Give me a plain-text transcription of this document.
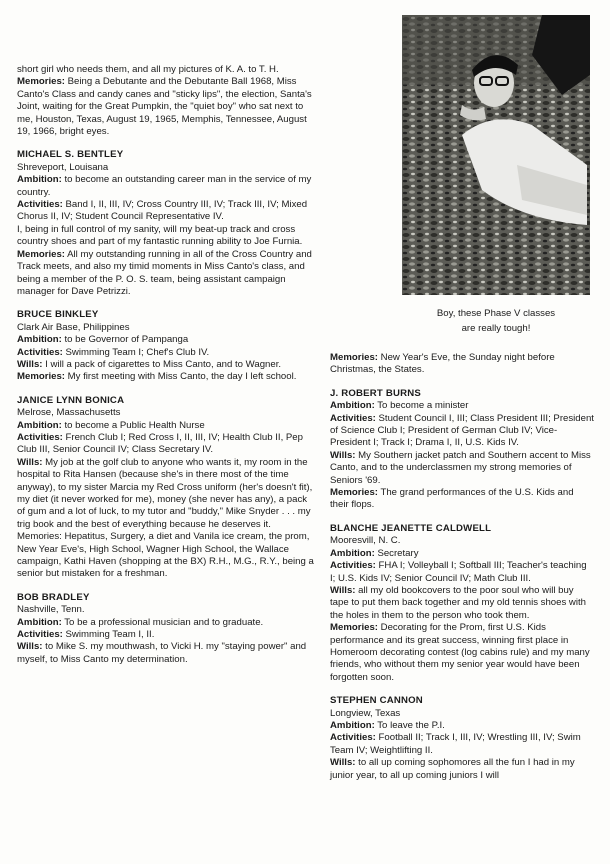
Boy, these Phase V classes
are really tough!
short girl who needs them, and all my pictures of K. A. to T. H.
Memories: Being a Debutante and the Debutante Ball 1968, Miss Canto's Class and candy canes and "sticky lips", the election, Santa's Joint, waiting for the Great Pumpkin, the "quiet boy" who sat next to me, Houston, Texas, August 19, 1965, Memphis, Tennessee, August 19, 1966, bright eyes.
MICHAEL S. BENTLEY
Shreveport, Louisana
Ambition: to become an outstanding career man in the service of my country.
Activities: Band I, II, III, IV; Cross Country III, IV; Track III, IV; Mixed Chorus II, IV; Student Council Representative IV.
I, being in full control of my sanity, will my beat-up track and cross country shoes and part of my fantastic running ability to Joe Furnia.
Memories: All my outstanding running in all of the Cross Country and Track meets, and also my timid moments in Miss Canto's class, and being a member of the P. O. S. team, being assistant campaign manager for Dave Petrizzi.
BRUCE BINKLEY
Clark Air Base, Philippines
Ambition: to be Governor of Pampanga
Activities: Swimming Team I; Chef's Club IV.
Wills: I will a pack of cigarettes to Miss Canto, and to Wagner.
Memories: My first meeting with Miss Canto, the day I left school.
JANICE LYNN BONICA
Melrose, Massachusetts
Ambition: to become a Public Health Nurse
Activities: French Club I; Red Cross I, II, III, IV; Health Club II, Pep Club III, Senior Council IV; Class Secretary IV.
Wills: My job at the golf club to anyone who wants it, my room in the hospital to Rita Hansen (because she's in there most of the time anyway), to my sister Marcia my Red Cross uniform (her's doesn't fit), my diet (it never worked for me), money (she never has any), a pack of gum and a lot of luck, to my tutor and "buddy," Mike Snyder . . . my trig book and the best of everything because he deserves it.
Memories: Hepatitus, Surgery, a diet and Vanila ice cream, the prom, New Year Eve's, High School, Wagner High School, the Wallace campaign, Kathi Haven (shopping at the BX) R.H., M.G., R.Y., being a senior but mistaken for a freshman.
BOB BRADLEY
Nashville, Tenn.
Ambition: To be a professional musician and to graduate.
Activities: Swimming Team I, II.
Wills: to Mike S. my mouthwash, to Vicki H. my "staying power" and myself, to Miss Canto my determination.
Memories: New Year's Eve, the Sunday night before Christmas, the States.
J. ROBERT BURNS
Ambition: To become a minister
Activities: Student Council I, III; Class President III; President of Science Club I; President of German Club IV; Vice-President I; Track I; Drama I, II, U.S. Kids IV.
Wills: My Southern jacket patch and Southern accent to Miss Canto, and to the underclassmen my strong memories of Seniors '69.
Memories: The grand performances of the U.S. Kids and their flops.
BLANCHE JEANETTE CALDWELL
Mooresvill, N. C.
Ambition: Secretary
Activities: FHA I; Volleyball I; Softball III; Teacher's teaching I; U.S. Kids IV; Senior Council IV; Math Club III.
Wills: all my old bookcovers to the poor soul who will buy tape to put them back together and my old tennis shoes with the holes in them to the person who took them.
Memories: Decorating for the Prom, first U.S. Kids performance and its great success, winning first place in Homeroom decorating contest (log cabins rule) and my many friends, who without them my senior year would have been forgotten soon.
STEPHEN CANNON
Longview, Texas
Ambition: To leave the P.I.
Activities: Football II; Track I, III, IV; Wrestling III, IV; Swim Team IV; Weightlifting II.
Wills: to all up coming sophomores all the fun I had in my junior year, to all up coming juniors I will
